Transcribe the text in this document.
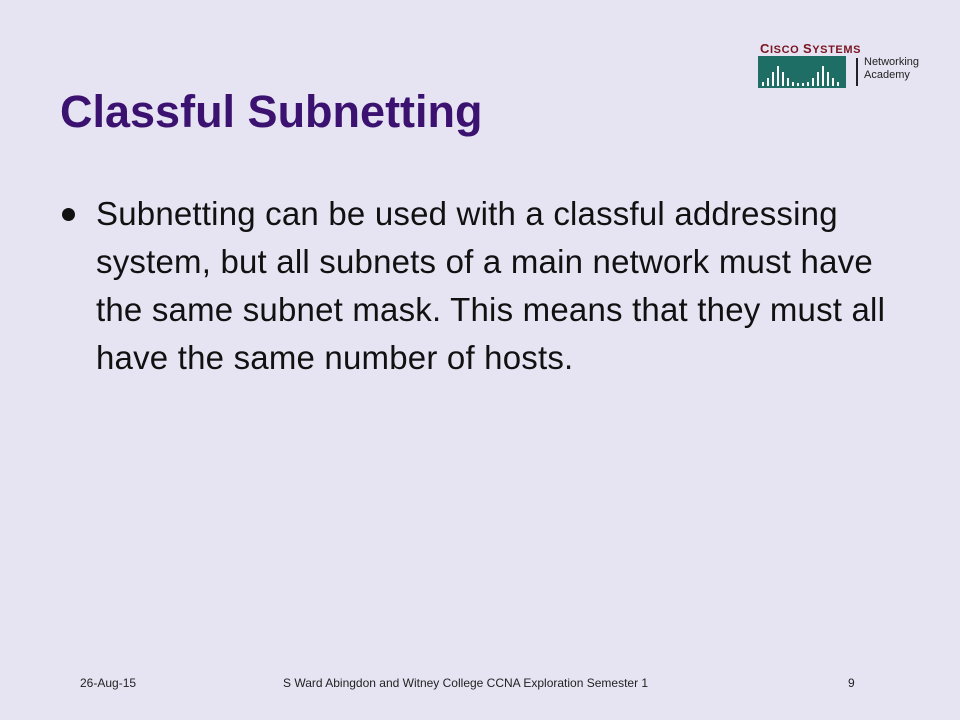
CISCO SYSTEMS
Networking
Academy
Classful Subnetting
Subnetting can be used with a classful addressing system, but all subnets of a main network must have the same subnet mask. This means that they must all have the same number of hosts.
26-Aug-15	S Ward Abingdon and Witney College CCNA Exploration Semester 1	9
